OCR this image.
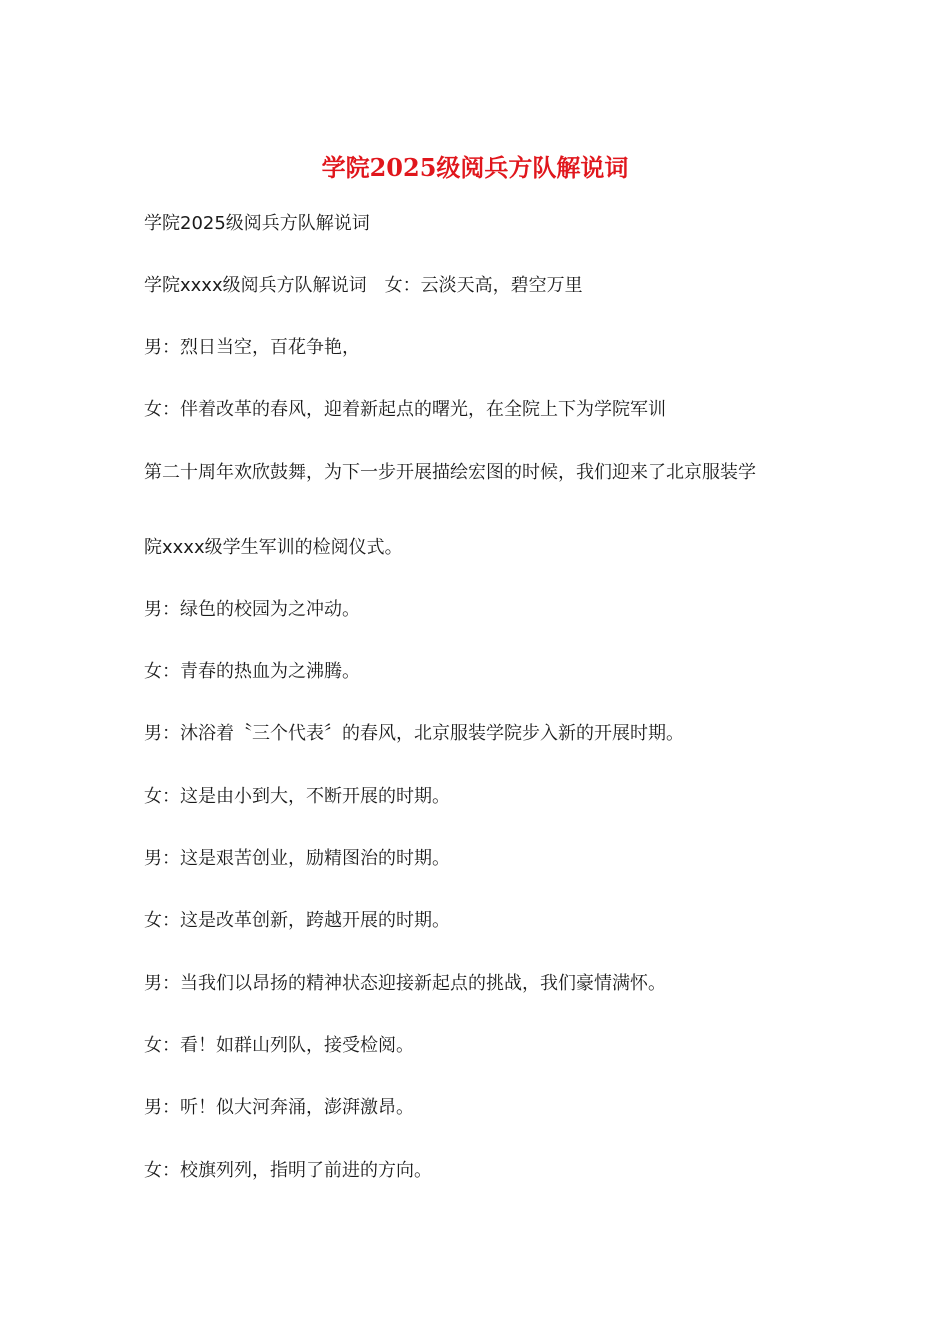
学院2025级阅兵方队解说词

学院2025级阅兵方队解说词

学院xxxx级阅兵方队解说词　女：云淡天高，碧空万里

男：烈日当空，百花争艳，

女：伴着改革的春风，迎着新起点的曙光，在全院上下为学院军训

第二十周年欢欣鼓舞，为下一步开展描绘宏图的时候，我们迎来了北京服装学

院xxxx级学生军训的检阅仪式。

男：绿色的校园为之冲动。

女：青春的热血为之沸腾。

男：沐浴着〝三个代表〞的春风，北京服装学院步入新的开展时期。

女：这是由小到大，不断开展的时期。

男：这是艰苦创业，励精图治的时期。

女：这是改革创新，跨越开展的时期。

男：当我们以昂扬的精神状态迎接新起点的挑战，我们豪情满怀。

女：看！如群山列队，接受检阅。

男：听！似大河奔涌，澎湃激昂。

女：校旗列列，指明了前进的方向。
